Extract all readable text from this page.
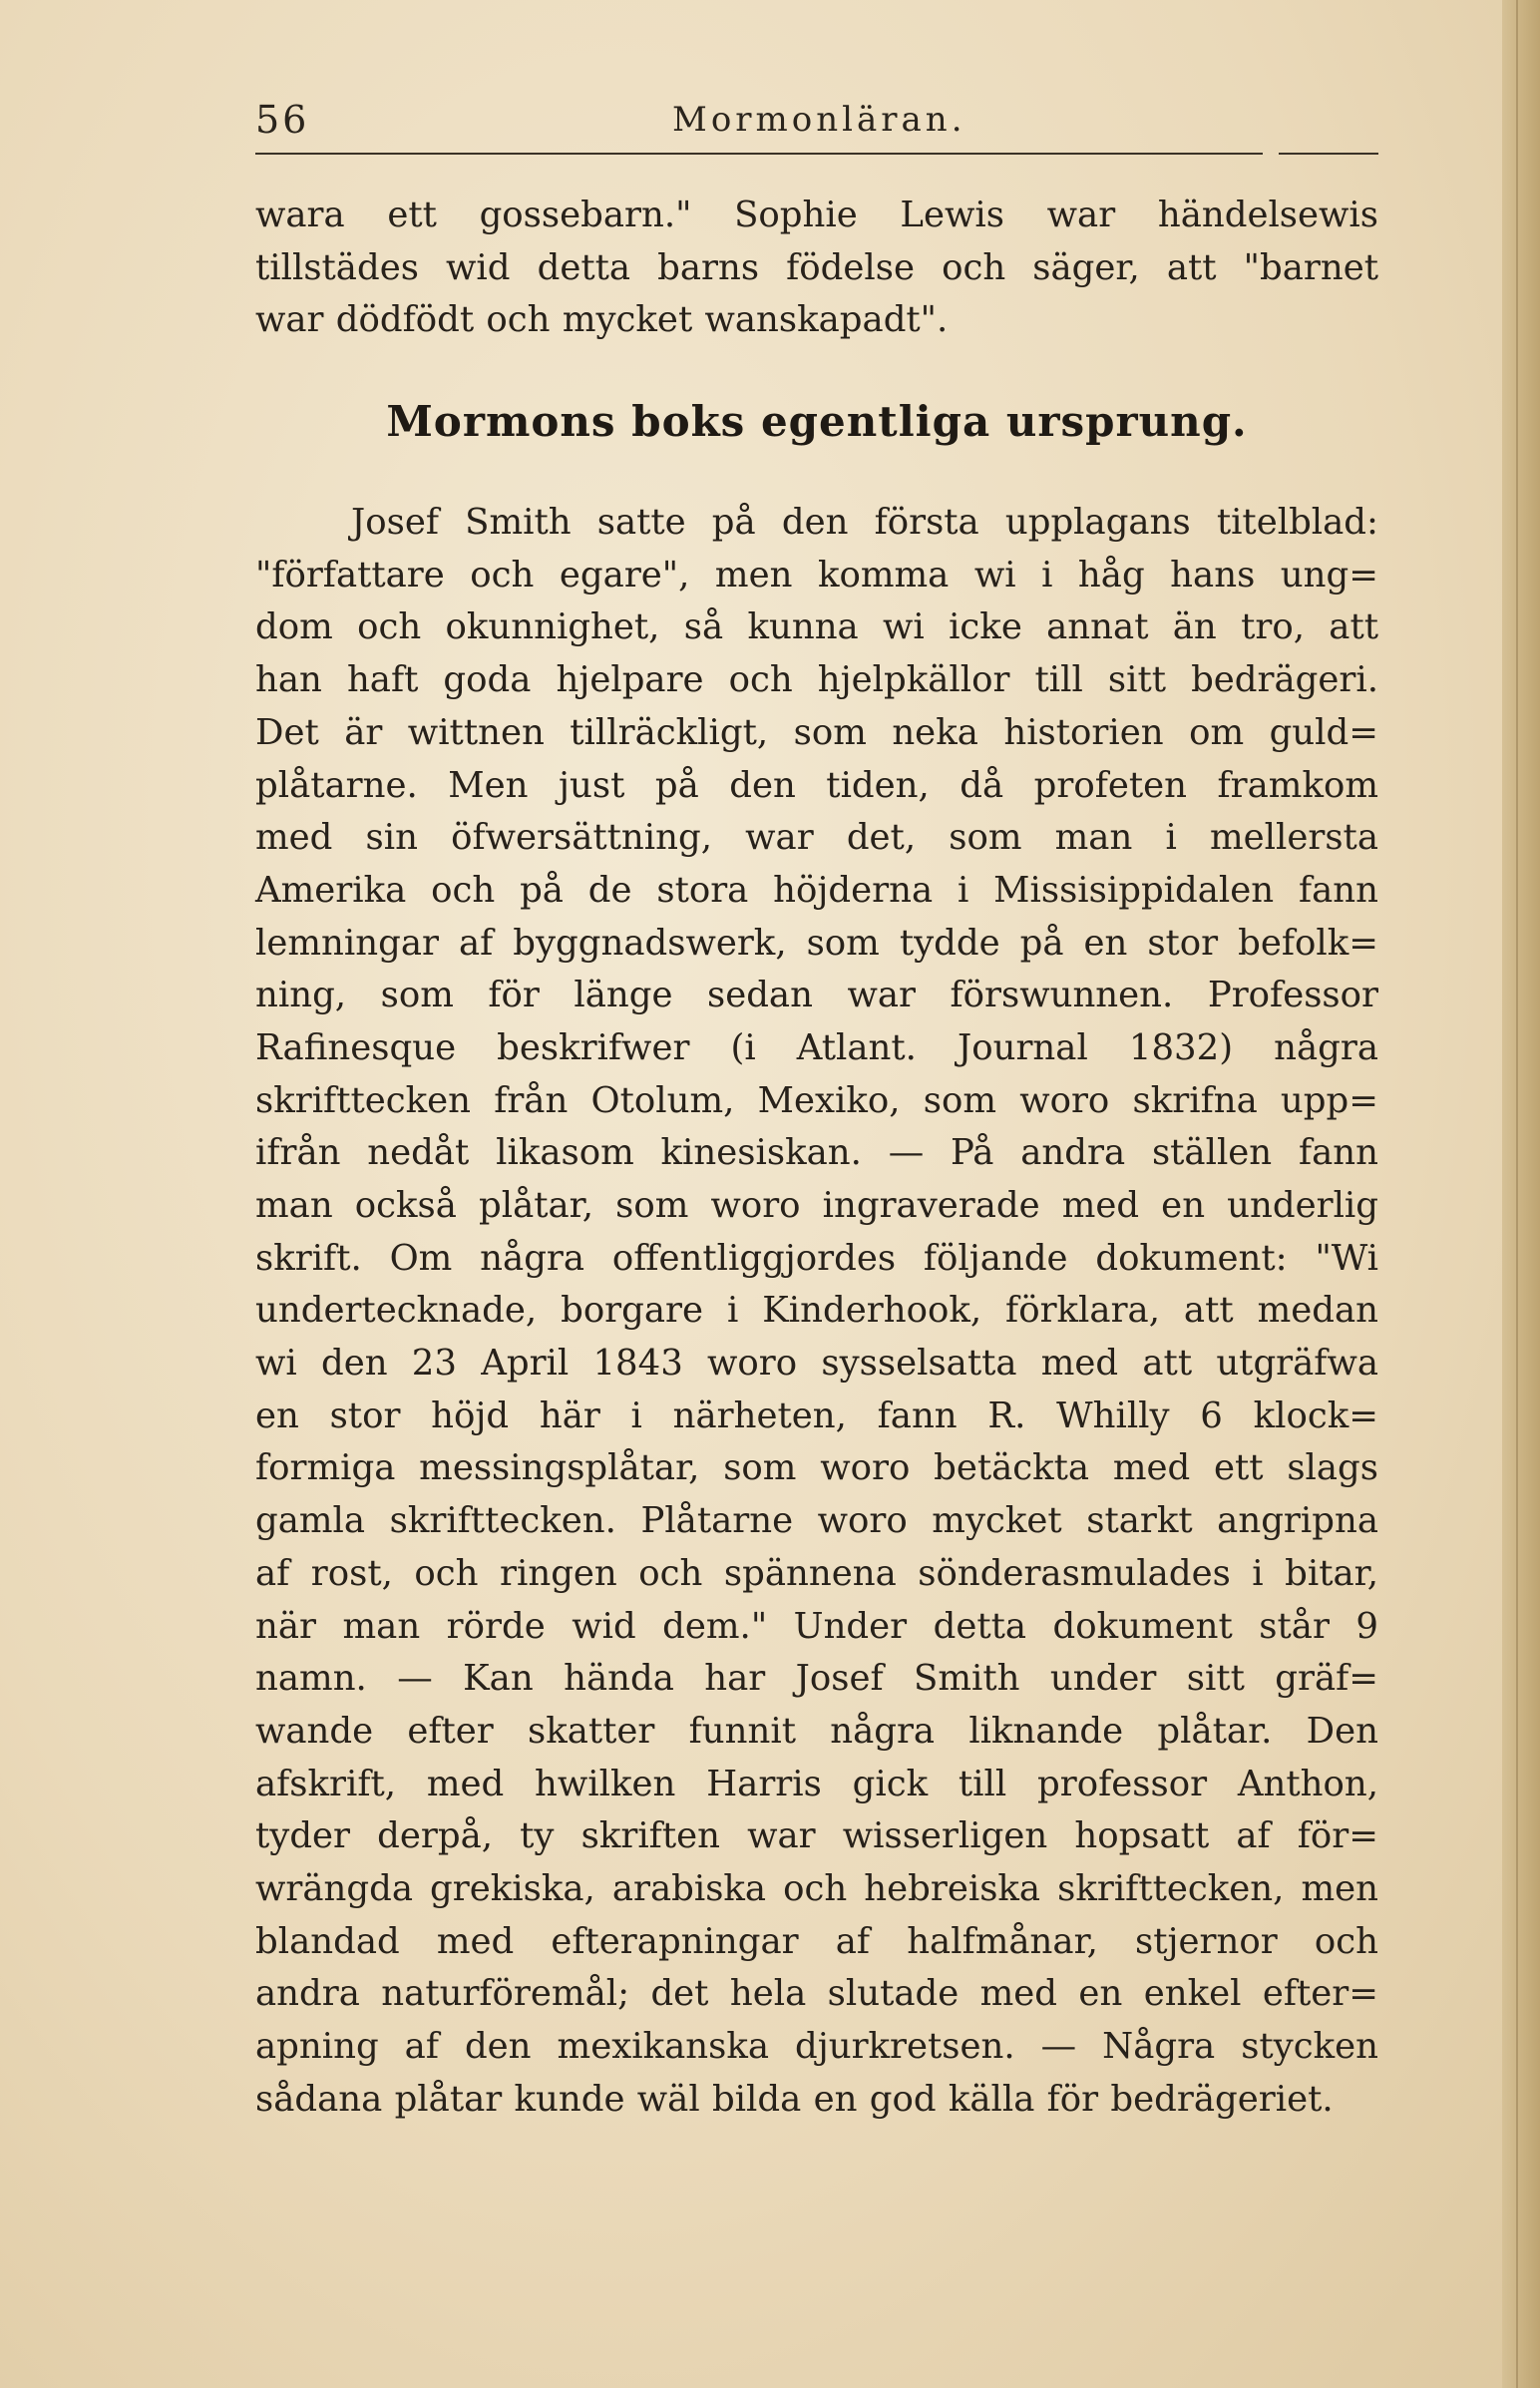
56	Mormonläran.
wara ett gossebarn." Sophie Lewis war händelsewis
tillstädes wid detta barns födelse och säger, att "barnet
war dödfödt och mycket wanskapadt".
Mormons boks egentliga ursprung.
Josef Smith satte på den första upplagans titelblad:
"författare och egare", men komma wi i håg hans ung=
dom och okunnighet, så kunna wi icke annat än tro, att
han haft goda hjelpare och hjelpkällor till sitt bedrägeri.
Det är wittnen tillräckligt, som neka historien om guld=
plåtarne. Men just på den tiden, då profeten framkom
med sin öfwersättning, war det, som man i mellersta
Amerika och på de stora höjderna i Missisippidalen fann
lemningar af byggnadswerk, som tydde på en stor befolk=
ning, som för länge sedan war förswunnen. Professor
Rafinesque beskrifwer (i Atlant. Journal 1832) några
skrifttecken från Otolum, Mexiko, som woro skrifna upp=
ifrån nedåt likasom kinesiskan. — På andra ställen fann
man också plåtar, som woro ingraverade med en underlig
skrift. Om några offentliggjordes följande dokument: "Wi
undertecknade, borgare i Kinderhook, förklara, att medan
wi den 23 April 1843 woro sysselsatta med att utgräfwa
en stor höjd här i närheten, fann R. Whilly 6 klock=
formiga messingsplåtar, som woro betäckta med ett slags
gamla skrifttecken. Plåtarne woro mycket starkt angripna
af rost, och ringen och spännena sönderasmulades i bitar,
när man rörde wid dem." Under detta dokument står 9
namn. — Kan hända har Josef Smith under sitt gräf=
wande efter skatter funnit några liknande plåtar. Den
afskrift, med hwilken Harris gick till professor Anthon,
tyder derpå, ty skriften war wisserligen hopsatt af för=
wrängda grekiska, arabiska och hebreiska skrifttecken, men
blandad med efterapningar af halfmånar, stjernor och
andra naturföremål; det hela slutade med en enkel efter=
apning af den mexikanska djurkretsen. — Några stycken
sådana plåtar kunde wäl bilda en god källa för bedrägeriet.
